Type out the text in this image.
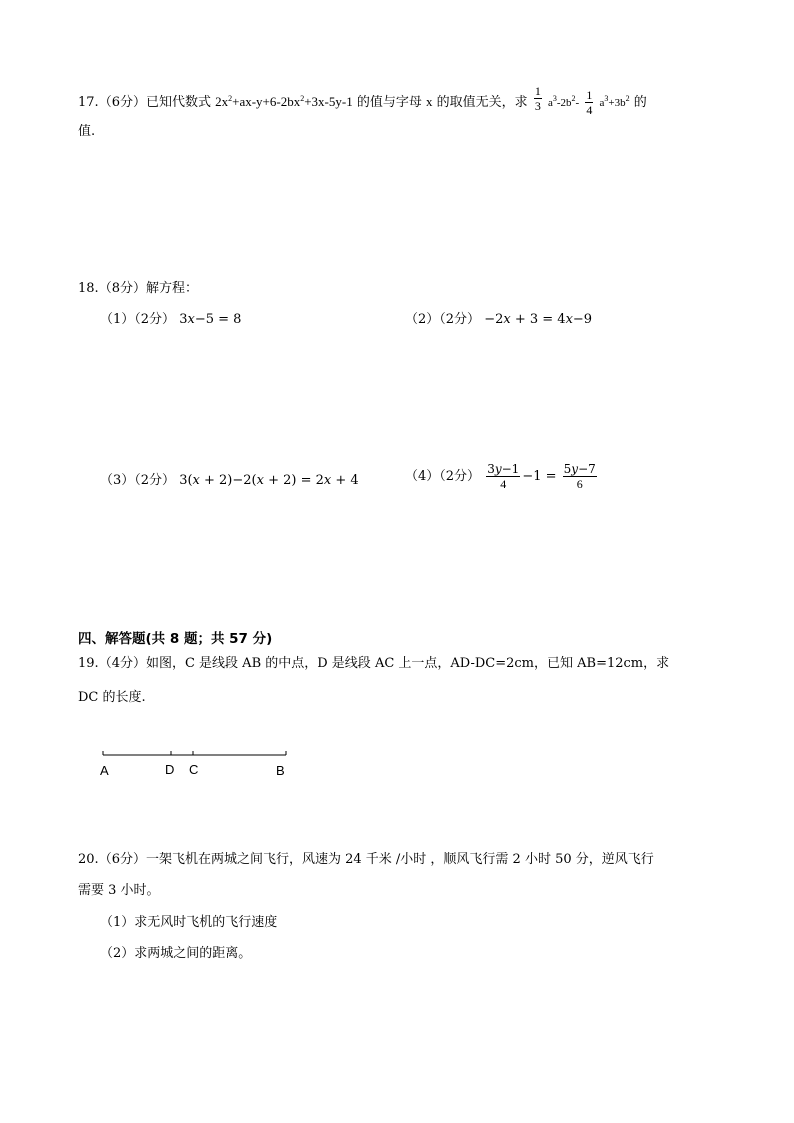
17.（6分）已知代数式 $2x^2+ax-y+6-2bx^2+3x-5y-1$ 的值与字母 x 的取值无关，求 $\frac{1}{3} a^3-2b^2- \frac{1}{4} a^3+3b^2$ 的
值.
18.（8分）解方程：
（1）（2分） 3x−5 = 8	（2）（2分） −2x + 3 = 4x−9
（3）（2分） 3(x + 2)−2(x + 2) = 2x + 4	（4）（2分） $\frac{3y-1}{4} -1 = \frac{5y-7}{6}$
四、解答题(共 8 题；共 57 分)
19.（4分）如图，C 是线段 AB 的中点，D 是线段 AC 上一点，AD-DC=2cm，已知 AB=12cm，求
DC 的长度.
A	D C	B
20.（6分）一架飞机在两城之间飞行，风速为 24 千米 /小时 ，顺风飞行需 2 小时 50 分，逆风飞行
需要 3 小时。
（1）求无风时飞机的飞行速度
（2）求两城之间的距离。
